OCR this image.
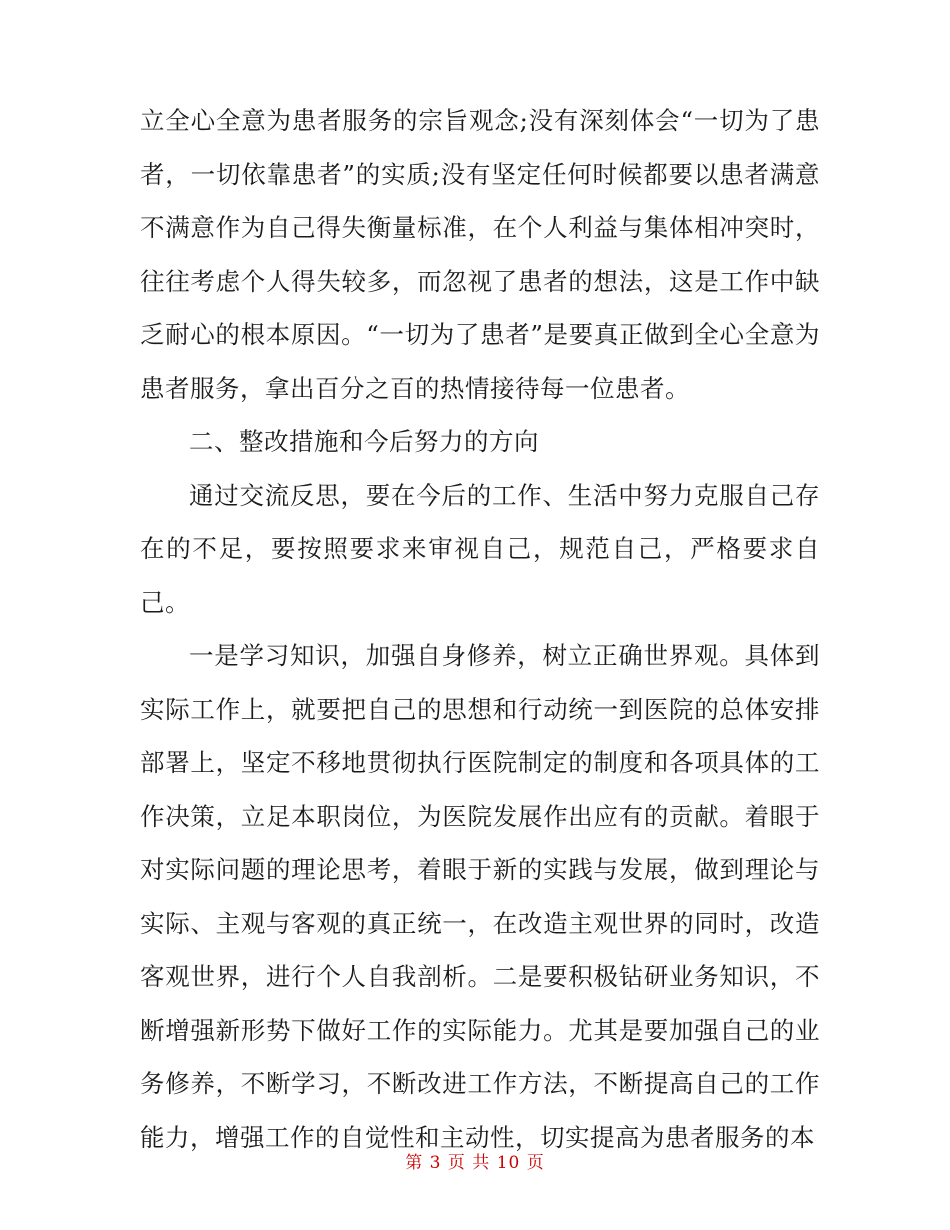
立全心全意为患者服务的宗旨观念;没有深刻体会“一切为了患者，一切依靠患者”的实质;没有坚定任何时候都要以患者满意不满意作为自己得失衡量标准，在个人利益与集体相冲突时，往往考虑个人得失较多，而忽视了患者的想法，这是工作中缺乏耐心的根本原因。“一切为了患者”是要真正做到全心全意为患者服务，拿出百分之百的热情接待每一位患者。

二、整改措施和今后努力的方向

通过交流反思，要在今后的工作、生活中努力克服自己存在的不足，要按照要求来审视自己，规范自己，严格要求自己。

一是学习知识，加强自身修养，树立正确世界观。具体到实际工作上，就要把自己的思想和行动统一到医院的总体安排部署上，坚定不移地贯彻执行医院制定的制度和各项具体的工作决策，立足本职岗位，为医院发展作出应有的贡献。着眼于对实际问题的理论思考，着眼于新的实践与发展，做到理论与实际、主观与客观的真正统一，在改造主观世界的同时，改造客观世界，进行个人自我剖析。二是要积极钻研业务知识，不断增强新形势下做好工作的实际能力。尤其是要加强自己的业务修养，不断学习，不断改进工作方法，不断提高自己的工作能力，增强工作的自觉性和主动性，切实提高为患者服务的本

第 3 页 共 10 页
